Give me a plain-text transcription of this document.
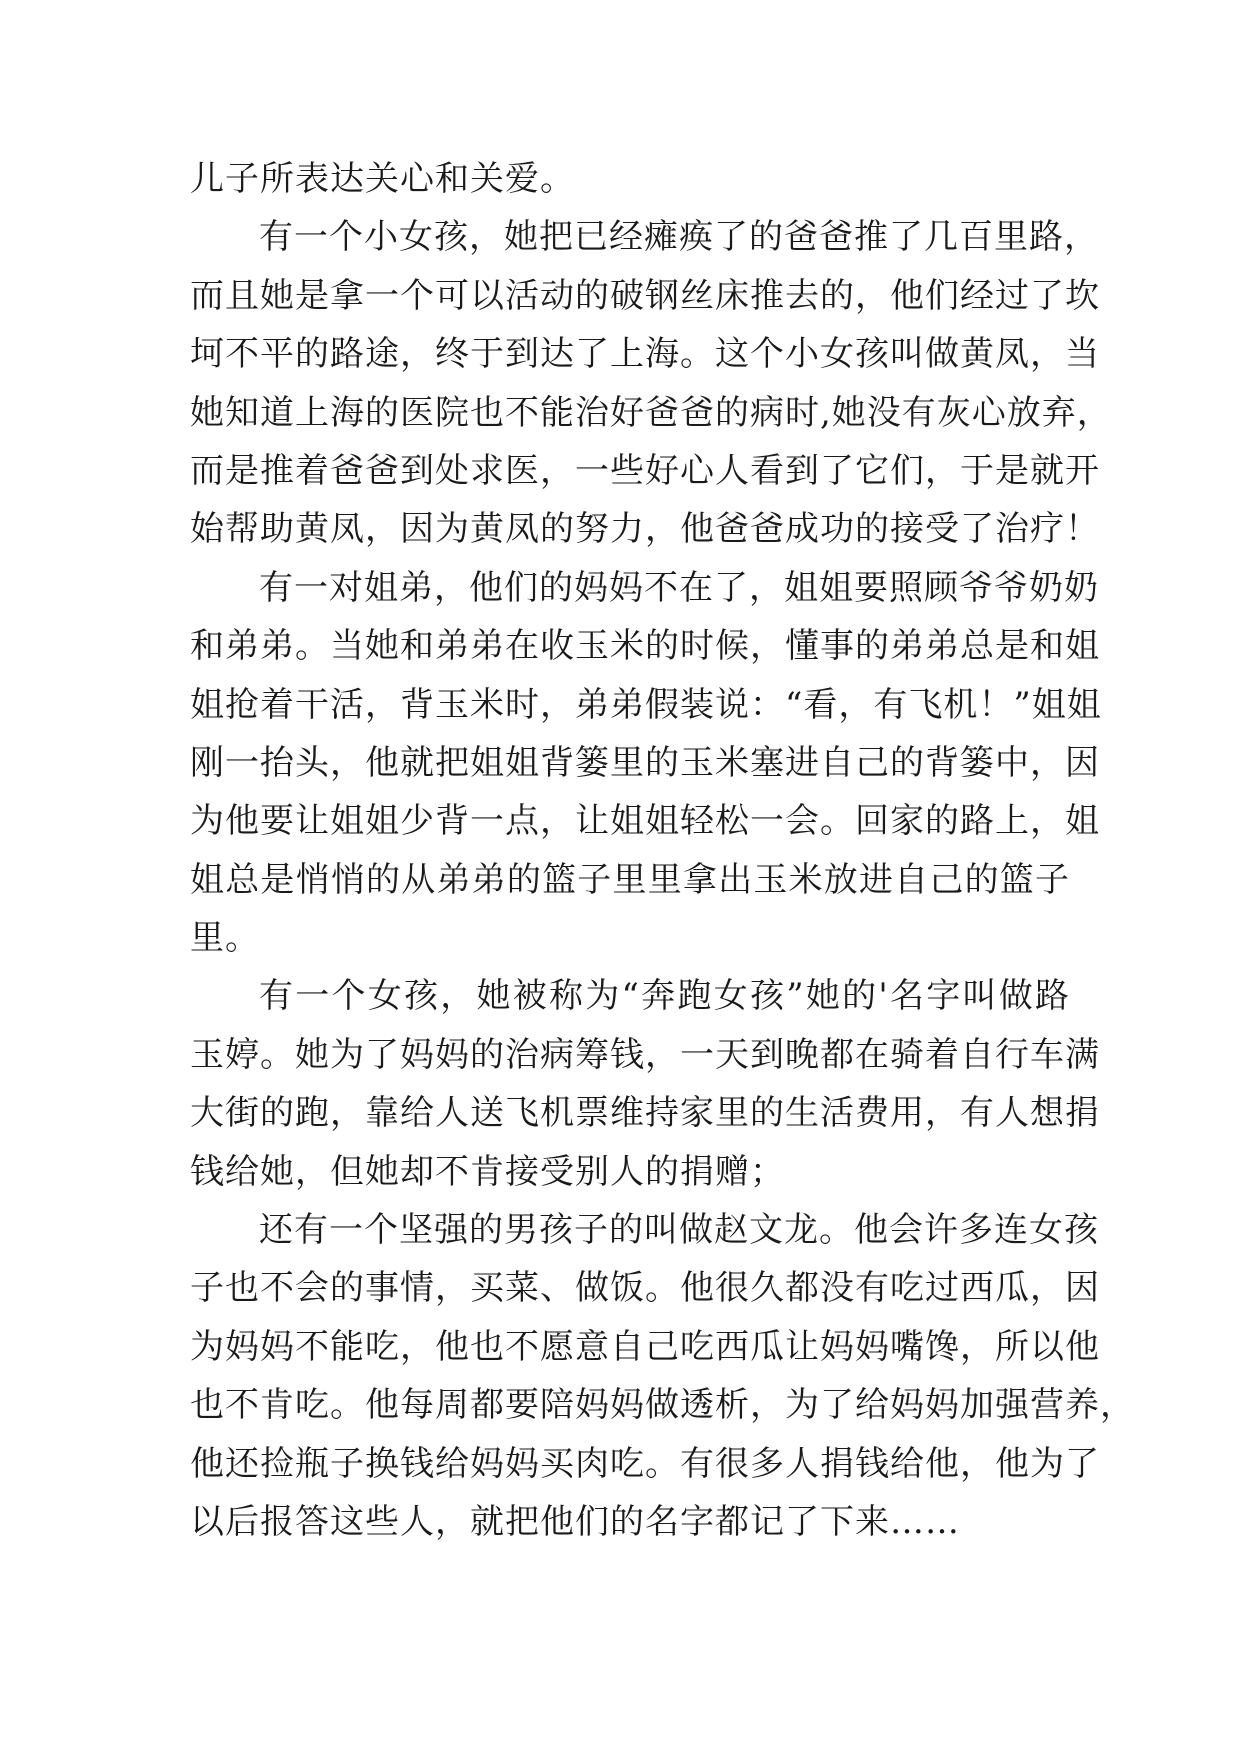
儿子所表达关心和关爱。
有一个小女孩，她把已经瘫痪了的爸爸推了几百里路，
而且她是拿一个可以活动的破钢丝床推去的，他们经过了坎
坷不平的路途，终于到达了上海。这个小女孩叫做黄凤，当
她知道上海的医院也不能治好爸爸的病时,她没有灰心放弃，
而是推着爸爸到处求医，一些好心人看到了它们，于是就开
始帮助黄凤，因为黄凤的努力，他爸爸成功的接受了治疗！
有一对姐弟，他们的妈妈不在了，姐姐要照顾爷爷奶奶
和弟弟。当她和弟弟在收玉米的时候，懂事的弟弟总是和姐
姐抢着干活，背玉米时，弟弟假装说：“看，有飞机！”姐姐
刚一抬头，他就把姐姐背篓里的玉米塞进自己的背篓中，因
为他要让姐姐少背一点，让姐姐轻松一会。回家的路上，姐
姐总是悄悄的从弟弟的篮子里里拿出玉米放进自己的篮子
里。
有一个女孩，她被称为“奔跑女孩”她的'名字叫做路
玉婷。她为了妈妈的治病筹钱，一天到晚都在骑着自行车满
大街的跑，靠给人送飞机票维持家里的生活费用，有人想捐
钱给她，但她却不肯接受别人的捐赠；
还有一个坚强的男孩子的叫做赵文龙。他会许多连女孩
子也不会的事情，买菜、做饭。他很久都没有吃过西瓜，因
为妈妈不能吃，他也不愿意自己吃西瓜让妈妈嘴馋，所以他
也不肯吃。他每周都要陪妈妈做透析，为了给妈妈加强营养，
他还捡瓶子换钱给妈妈买肉吃。有很多人捐钱给他，他为了
以后报答这些人，就把他们的名字都记了下来……
